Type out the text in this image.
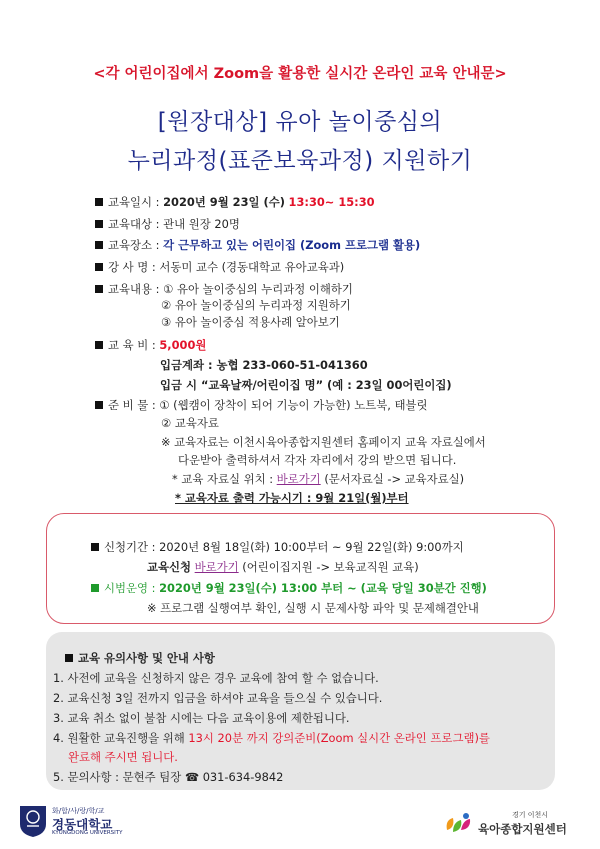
<각 어린이집에서 Zoom을 활용한 실시간 온라인 교육 안내문>
[원장대상] 유아 놀이중심의
누리과정(표준보육과정) 지원하기
교육일시 : 2020년 9월 23일 (수) 13:30~ 15:30
교육대상 : 관내 원장 20명
교육장소 : 각 근무하고 있는 어린이집 (Zoom 프로그램 활용)
강 사 명 : 서동미 교수 (경동대학교 유아교육과)
교육내용 : ① 유아 놀이중심의 누리과정 이해하기
② 유아 놀이중심의 누리과정 지원하기
③ 유아 놀이중심 적용사례 알아보기
교 육 비 : 5,000원
입금계좌 : 농협 233-060-51-041360
입금 시 “교육날짜/어린이집 명” (예 : 23일 00어린이집)
준 비 물 : ① (웹캠이 장착이 되어 기능이 가능한) 노트북, 태블릿
② 교육자료
※ 교육자료는 이천시육아종합지원센터 홈페이지 교육 자료실에서
다운받아 출력하셔서 각자 자리에서 강의 받으면 됩니다.
* 교육 자료실 위치 : 바로가기 (문서자료실 -> 교육자료실)
* 교육자료 출력 가능시기 : 9월 21일(월)부터
신청기간 : 2020년 8월 18일(화) 10:00부터 ~ 9월 22일(화) 9:00까지
교육신청 바로가기 (어린이집지원 -> 보육교직원 교육)
시범운영 : 2020년 9월 23일(수) 13:00 부터 ~ (교육 당일 30분간 진행)
※ 프로그램 실행여부 확인, 실행 시 문제사항 파악 및 문제해결안내
교육 유의사항 및 안내 사항
1. 사전에 교육을 신청하지 않은 경우 교육에 참여 할 수 없습니다.
2. 교육신청 3일 전까지 입금을 하셔야 교육을 들으실 수 있습니다.
3. 교육 취소 없이 불참 시에는 다음 교육이용에 제한됩니다.
4. 원활한 교육진행을 위해 13시 20분 까지 강의준비(Zoom 실시간 온라인 프로그램)를
완료해 주시면 됩니다.
5. 문의사항 : 문현주 팀장 ☎ 031-634-9842
화/합/사/랑/학/교
경동대학교
KYUNGDONG UNIVERSITY
경기 이천시
육아종합지원센터
